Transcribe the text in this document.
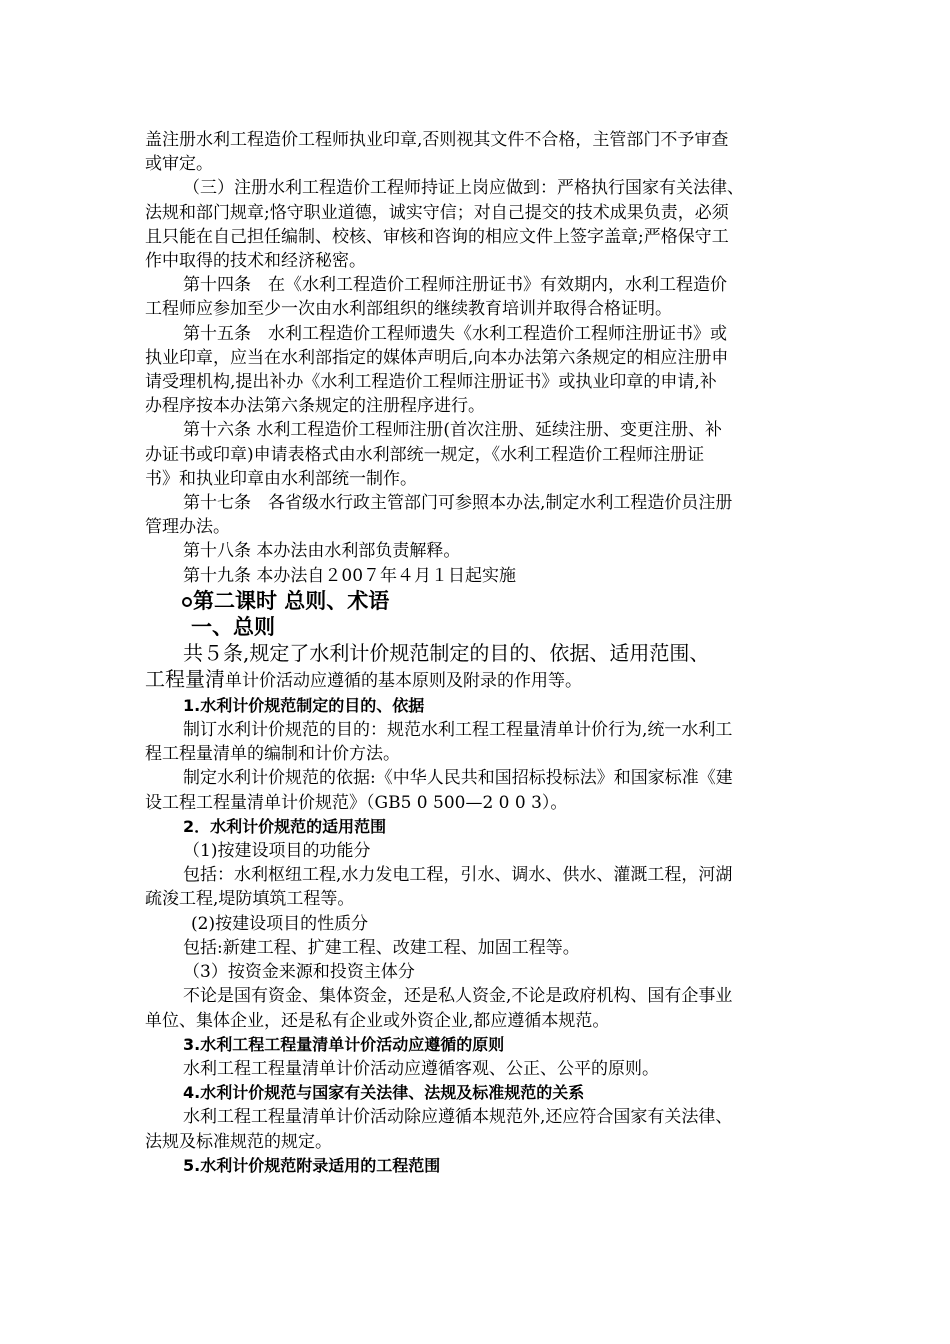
盖注册水利工程造价工程师执业印章,否则视其文件不合格，主管部门不予审查

或审定。

（三）注册水利工程造价工程师持证上岗应做到：严格执行国家有关法律、

法规和部门规章;恪守职业道德，诚实守信；对自己提交的技术成果负责，必须

且只能在自己担任编制、校核、审核和咨询的相应文件上签字盖章;严格保守工

作中取得的技术和经济秘密。

第十四条　在《水利工程造价工程师注册证书》有效期内，水利工程造价

工程师应参加至少一次由水利部组织的继续教育培训并取得合格证明。

第十五条　水利工程造价工程师遗失《水利工程造价工程师注册证书》或

执业印章，应当在水利部指定的媒体声明后,向本办法第六条规定的相应注册申

请受理机构,提出补办《水利工程造价工程师注册证书》或执业印章的申请,补

办程序按本办法第六条规定的注册程序进行。

第十六条 水利工程造价工程师注册(首次注册、延续注册、变更注册、补

办证书或印章)申请表格式由水利部统一规定，《水利工程造价工程师注册证

书》和执业印章由水利部统一制作。

第十七条　各省级水行政主管部门可参照本办法,制定水利工程造价员注册

管理办法。

第十八条 本办法由水利部负责解释。

第十九条 本办法自２00７年４月１日起实施

第二课时 总则、术语

一、总则

共５条,规定了水利计价规范制定的目的、依据、适用范围、

工程量清单计价活动应遵循的基本原则及附录的作用等。

1.水利计价规范制定的目的、依据

制订水利计价规范的目的：规范水利工程工程量清单计价行为,统一水利工

程工程量清单的编制和计价方法。

制定水利计价规范的依据:《中华人民共和国招标投标法》和国家标准《建

设工程工程量清单计价规范》（GB5 0 500—2 0 0 3）。

2．水利计价规范的适用范围

（1)按建设项目的功能分

包括：水利枢纽工程,水力发电工程，引水、调水、供水、灌溉工程，河湖

疏浚工程,堤防填筑工程等。

(2)按建设项目的性质分

包括:新建工程、扩建工程、改建工程、加固工程等。

（3）按资金来源和投资主体分

不论是国有资金、集体资金，还是私人资金,不论是政府机构、国有企事业

单位、集体企业，还是私有企业或外资企业,都应遵循本规范。

3.水利工程工程量清单计价活动应遵循的原则

水利工程工程量清单计价活动应遵循客观、公正、公平的原则。

4.水利计价规范与国家有关法律、法规及标准规范的关系

水利工程工程量清单计价活动除应遵循本规范外,还应符合国家有关法律、

法规及标准规范的规定。

5.水利计价规范附录适用的工程范围
